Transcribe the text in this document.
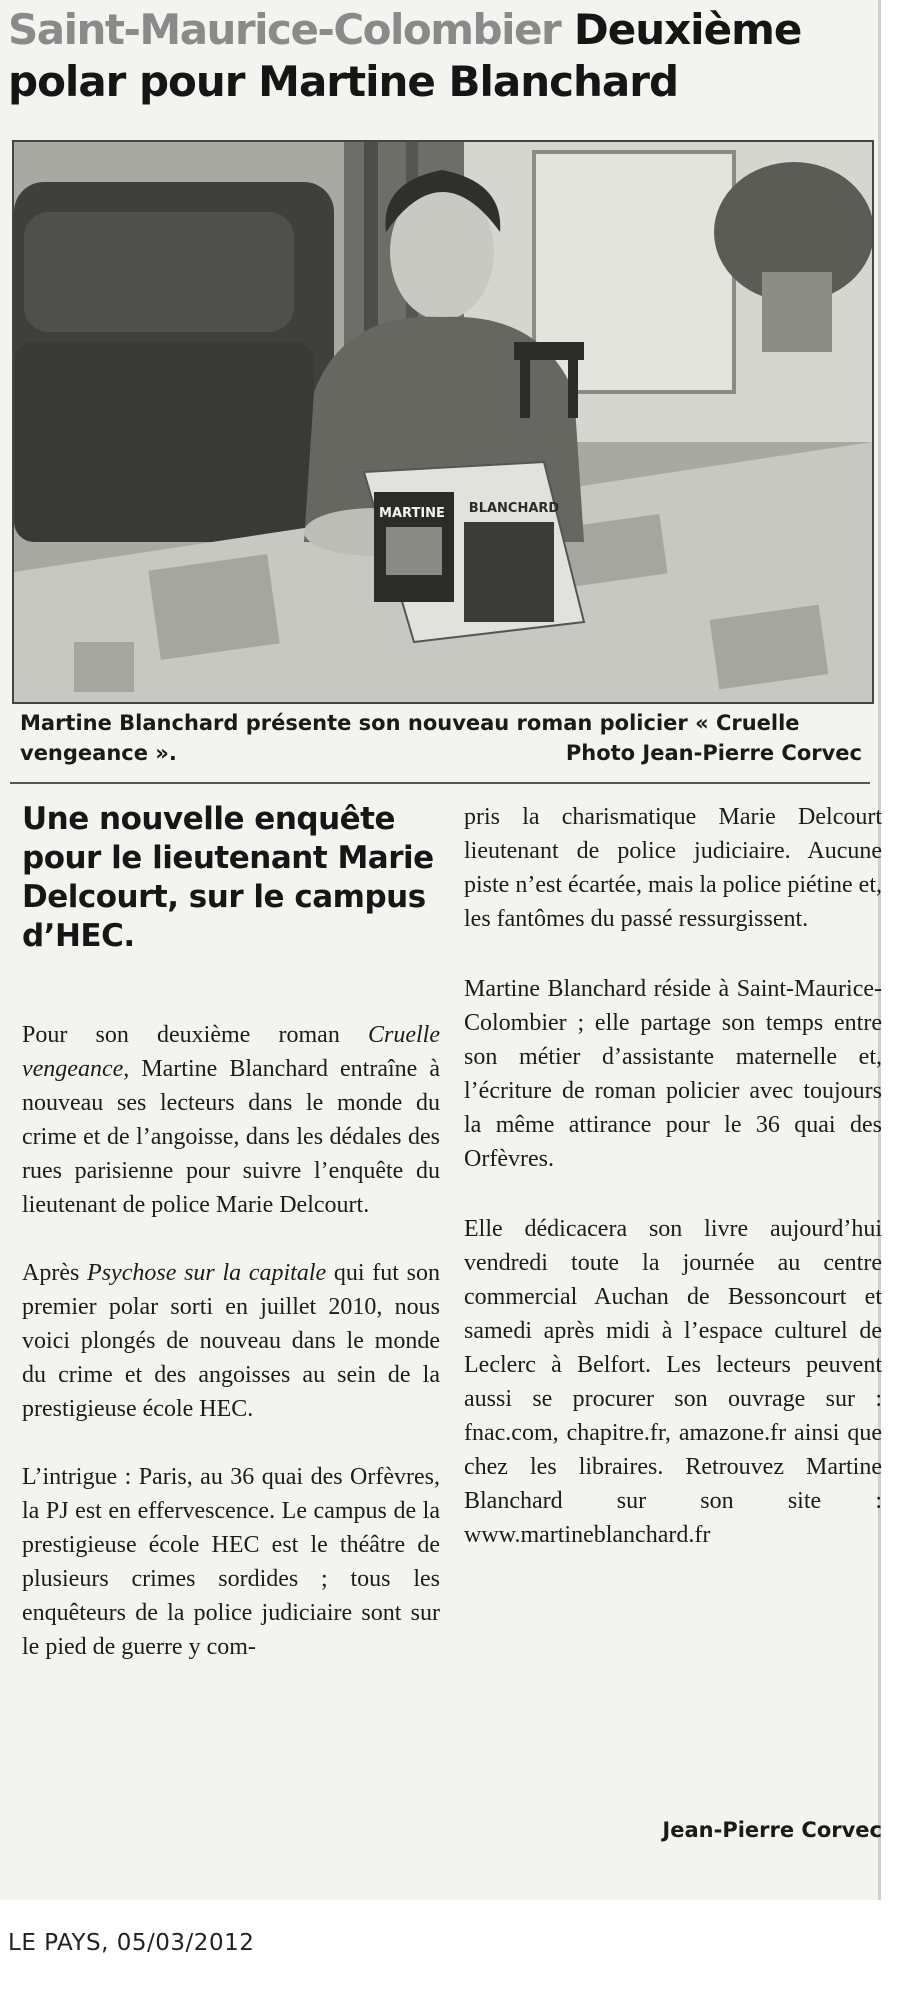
Saint-Maurice-Colombier Deuxième polar pour Martine Blanchard
MARTINE BLANCHARD
Martine Blanchard présente son nouveau roman policier « Cruelle vengeance ».	Photo Jean-Pierre Corvec
Une nouvelle enquête pour le lieutenant Marie Delcourt, sur le campus d’HEC.

Pour son deuxième roman Cruelle vengeance, Martine Blanchard entraîne à nouveau ses lecteurs dans le monde du crime et de l’angoisse, dans les dédales des rues parisienne pour suivre l’enquête du lieutenant de police Marie Delcourt.

Après Psychose sur la capitale qui fut son premier polar sorti en juillet 2010, nous voici plongés de nouveau dans le monde du crime et des angoisses au sein de la prestigieuse école HEC.

L’intrigue : Paris, au 36 quai des Orfèvres, la PJ est en effervescence. Le campus de la prestigieuse école HEC est le théâtre de plusieurs crimes sordides ; tous les enquêteurs de la police judiciaire sont sur le pied de guerre y com-

pris la charismatique Marie Delcourt lieutenant de police judiciaire. Aucune piste n’est écartée, mais la police piétine et, les fantômes du passé ressurgissent.

Martine Blanchard réside à Saint-Maurice-Colombier ; elle partage son temps entre son métier d’assistante maternelle et, l’écriture de roman policier avec toujours la même attirance pour le 36 quai des Orfèvres.

Elle dédicacera son livre aujourd’hui vendredi toute la journée au centre commercial Auchan de Bessoncourt et samedi après midi à l’espace culturel de Leclerc à Belfort. Les lecteurs peuvent aussi se procurer son ouvrage sur : fnac.com, chapitre.fr, amazone.fr ainsi que chez les libraires. Retrouvez Martine Blanchard sur son site : www.martineblanchard.fr

Jean-Pierre Corvec
LE PAYS, 05/03/2012
